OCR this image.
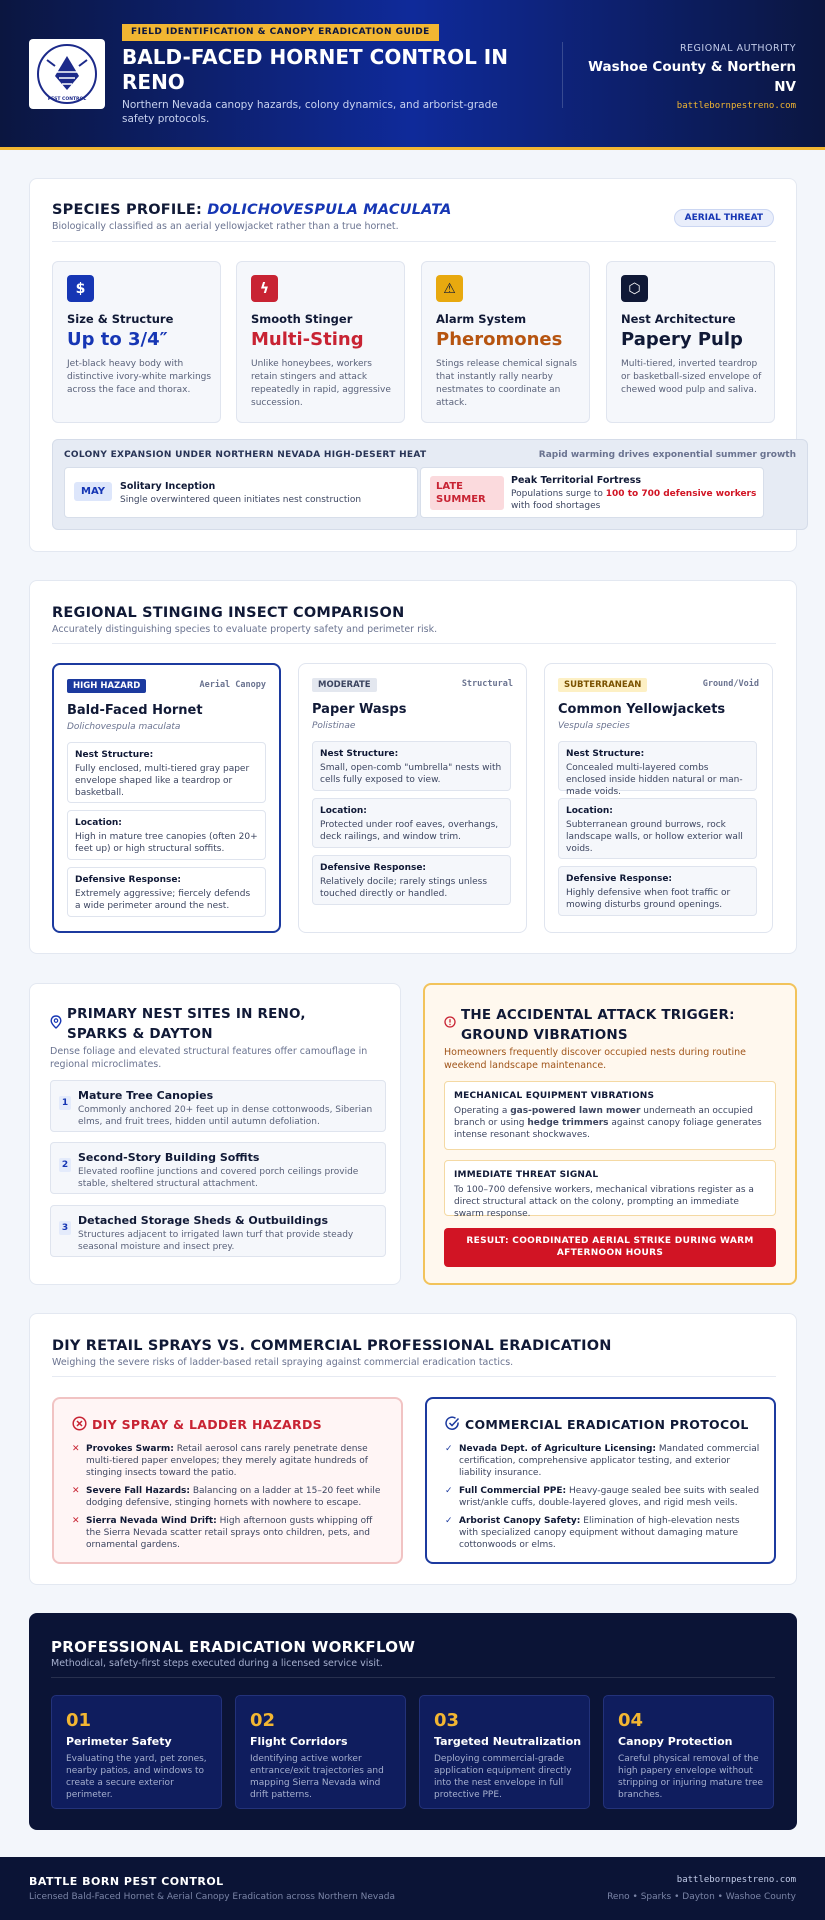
PEST CONTROL
FIELD IDENTIFICATION & CANOPY ERADICATION GUIDE
BALD-FACED HORNET CONTROL IN RENO
Northern Nevada canopy hazards, colony dynamics, and arborist-grade safety protocols.
REGIONAL AUTHORITY
Washoe County & Northern NV
battlebornpestreno.com
SPECIES PROFILE: DOLICHOVESPULA MACULATA
Biologically classified as an aerial yellowjacket rather than a true hornet.
AERIAL THREAT
$
Size & Structure
Up to 3/4″
Jet-black heavy body with distinctive ivory-white markings across the face and thorax.
ϟ
Smooth Stinger
Multi-Sting
Unlike honeybees, workers retain stingers and attack repeatedly in rapid, aggressive succession.
⚠
Alarm System
Pheromones
Stings release chemical signals that instantly rally nearby nestmates to coordinate an attack.
⬡
Nest Architecture
Papery Pulp
Multi-tiered, inverted teardrop or basketball-sized envelope of chewed wood pulp and saliva.
COLONY EXPANSION UNDER NORTHERN NEVADA HIGH-DESERT HEAT	Rapid warming drives exponential summer growth
MAY	Solitary Inception
Single overwintered queen initiates nest construction
LATE SUMMER
Peak Territorial Fortress
Populations surge to 100 to 700 defensive workers with food shortages
REGIONAL STINGING INSECT COMPARISON
Accurately distinguishing species to evaluate property safety and perimeter risk.
HIGH HAZARD	Aerial Canopy
Bald-Faced Hornet
Dolichovespula maculata
Nest Structure:
Fully enclosed, multi-tiered gray paper envelope shaped like a teardrop or basketball.
Location:
High in mature tree canopies (often 20+ feet up) or high structural soffits.
Defensive Response:
Extremely aggressive; fiercely defends a wide perimeter around the nest.
MODERATE	Structural
Paper Wasps
Polistinae
Nest Structure:
Small, open-comb "umbrella" nests with cells fully exposed to view.
Location:
Protected under roof eaves, overhangs, deck railings, and window trim.
Defensive Response:
Relatively docile; rarely stings unless touched directly or handled.
SUBTERRANEAN	Ground/Void
Common Yellowjackets
Vespula species
Nest Structure:
Concealed multi-layered combs enclosed inside hidden natural or man-made voids.
Location:
Subterranean ground burrows, rock landscape walls, or hollow exterior wall voids.
Defensive Response:
Highly defensive when foot traffic or mowing disturbs ground openings.
PRIMARY NEST SITES IN RENO, SPARKS & DAYTON
Dense foliage and elevated structural features offer camouflage in regional microclimates.
1
Mature Tree Canopies
Commonly anchored 20+ feet up in dense cottonwoods, Siberian elms, and fruit trees, hidden until autumn defoliation.
2
Second-Story Building Soffits
Elevated roofline junctions and covered porch ceilings provide stable, sheltered structural attachment.
3
Detached Storage Sheds & Outbuildings
Structures adjacent to irrigated lawn turf that provide steady seasonal moisture and insect prey.
THE ACCIDENTAL ATTACK TRIGGER: GROUND VIBRATIONS
Homeowners frequently discover occupied nests during routine weekend landscape maintenance.
MECHANICAL EQUIPMENT VIBRATIONS
Operating a gas-powered lawn mower underneath an occupied branch or using hedge trimmers against canopy foliage generates intense resonant shockwaves.
IMMEDIATE THREAT SIGNAL
To 100–700 defensive workers, mechanical vibrations register as a direct structural attack on the colony, prompting an immediate swarm response.
RESULT: COORDINATED AERIAL STRIKE DURING WARM AFTERNOON HOURS
DIY RETAIL SPRAYS VS. COMMERCIAL PROFESSIONAL ERADICATION
Weighing the severe risks of ladder-based retail spraying against commercial eradication tactics.
DIY SPRAY & LADDER HAZARDS
✕ Provokes Swarm: Retail aerosol cans rarely penetrate dense multi-tiered paper envelopes; they merely agitate hundreds of stinging insects toward the patio.
✕ Severe Fall Hazards: Balancing on a ladder at 15–20 feet while dodging defensive, stinging hornets with nowhere to escape.
✕ Sierra Nevada Wind Drift: High afternoon gusts whipping off the Sierra Nevada scatter retail sprays onto children, pets, and ornamental gardens.
COMMERCIAL ERADICATION PROTOCOL
✓ Nevada Dept. of Agriculture Licensing: Mandated commercial certification, comprehensive applicator testing, and exterior liability insurance.
✓ Full Commercial PPE: Heavy-gauge sealed bee suits with sealed wrist/ankle cuffs, double-layered gloves, and rigid mesh veils.
✓ Arborist Canopy Safety: Elimination of high-elevation nests with specialized canopy equipment without damaging mature cottonwoods or elms.
PROFESSIONAL ERADICATION WORKFLOW
Methodical, safety-first steps executed during a licensed service visit.
01
Perimeter Safety
Evaluating the yard, pet zones, nearby patios, and windows to create a secure exterior perimeter.
02
Flight Corridors
Identifying active worker entrance/exit trajectories and mapping Sierra Nevada wind drift patterns.
03
Targeted Neutralization
Deploying commercial-grade application equipment directly into the nest envelope in full protective PPE.
04
Canopy Protection
Careful physical removal of the high papery envelope without stripping or injuring mature tree branches.
BATTLE BORN PEST CONTROL
Licensed Bald-Faced Hornet & Aerial Canopy Eradication across Northern Nevada
battlebornpestreno.com
Reno • Sparks • Dayton • Washoe County
